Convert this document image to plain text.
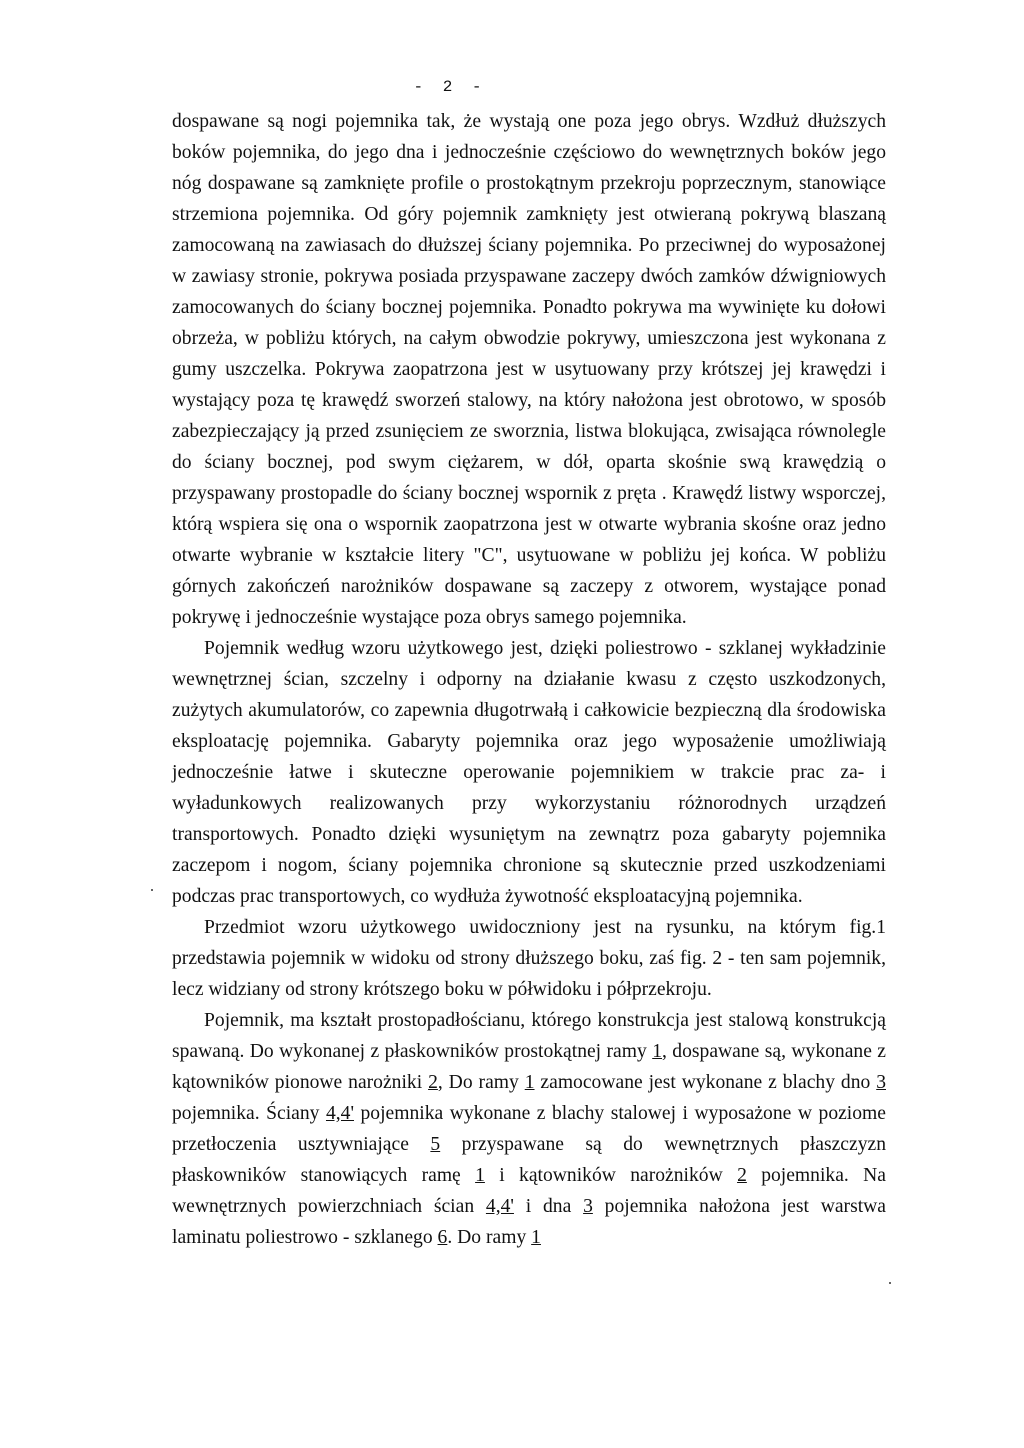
- 2 -

dospawane są nogi pojemnika tak, że wystają one poza jego obrys. Wzdłuż dłuższych boków pojemnika, do jego dna i jednocześnie częściowo do wewnętrznych boków jego nóg dospawane są zamknięte profile o prostokątnym przekroju poprzecznym, stanowiące strzemiona pojemnika. Od góry pojemnik zamknięty jest otwieraną pokrywą blaszaną zamocowaną na zawiasach do dłuższej ściany pojemnika. Po przeciwnej do wyposażonej w zawiasy stronie, pokrywa posiada przyspawane zaczepy dwóch zamków dźwigniowych zamocowanych do ściany bocznej pojemnika. Ponadto pokrywa ma wywinięte ku dołowi obrzeża, w pobliżu których, na całym obwodzie pokrywy, umieszczona jest wykonana z gumy uszczelka. Pokrywa zaopatrzona jest w usytuowany przy krótszej jej krawędzi i wystający poza tę krawędź sworzeń stalowy, na który nałożona jest obrotowo, w sposób zabezpieczający ją przed zsunięciem ze sworznia, listwa blokująca, zwisająca równolegle do ściany bocznej, pod swym ciężarem, w dół, oparta skośnie swą krawędzią o przyspawany prostopadle do ściany bocznej wspornik z pręta . Krawędź listwy wsporczej, którą wspiera się ona o wspornik zaopatrzona jest w otwarte wybrania skośne oraz jedno otwarte wybranie w kształcie litery "C", usytuowane w pobliżu jej końca. W pobliżu górnych zakończeń narożników dospawane są zaczepy z otworem, wystające ponad pokrywę i jednocześnie wystające poza obrys samego pojemnika.

Pojemnik według wzoru użytkowego jest, dzięki poliestrowo - szklanej wykładzinie wewnętrznej ścian, szczelny i odporny na działanie kwasu z często uszkodzonych, zużytych akumulatorów, co zapewnia długotrwałą i całkowicie bezpieczną dla środowiska eksploatację pojemnika. Gabaryty pojemnika oraz jego wyposażenie umożliwiają jednocześnie łatwe i skuteczne operowanie pojemnikiem w trakcie prac za- i wyładunkowych realizowanych przy wykorzystaniu różnorodnych urządzeń transportowych. Ponadto dzięki wysuniętym na zewnątrz poza gabaryty pojemnika zaczepom i nogom, ściany pojemnika chronione są skutecznie przed uszkodzeniami podczas prac transportowych, co wydłuża żywotność eksploatacyjną pojemnika.

Przedmiot wzoru użytkowego uwidoczniony jest na rysunku, na którym fig.1 przedstawia pojemnik w widoku od strony dłuższego boku, zaś fig. 2 - ten sam pojemnik, lecz widziany od strony krótszego boku w półwidoku i półprzekroju.

Pojemnik, ma kształt prostopadłościanu, którego konstrukcja jest stalową konstrukcją spawaną. Do wykonanej z płaskowników prostokątnej ramy 1, dospawane są, wykonane z kątowników pionowe narożniki 2, Do ramy 1 zamocowane jest wykonane z blachy dno 3 pojemnika. Ściany 4,4' pojemnika wykonane z blachy stalowej i wyposażone w poziome przetłoczenia usztywniające 5 przyspawane są do wewnętrznych płaszczyzn płaskowników stanowiących ramę 1 i kątowników narożników 2 pojemnika. Na wewnętrznych powierzchniach ścian 4,4' i dna 3 pojemnika nałożona jest warstwa laminatu poliestrowo - szklanego 6. Do ramy 1
